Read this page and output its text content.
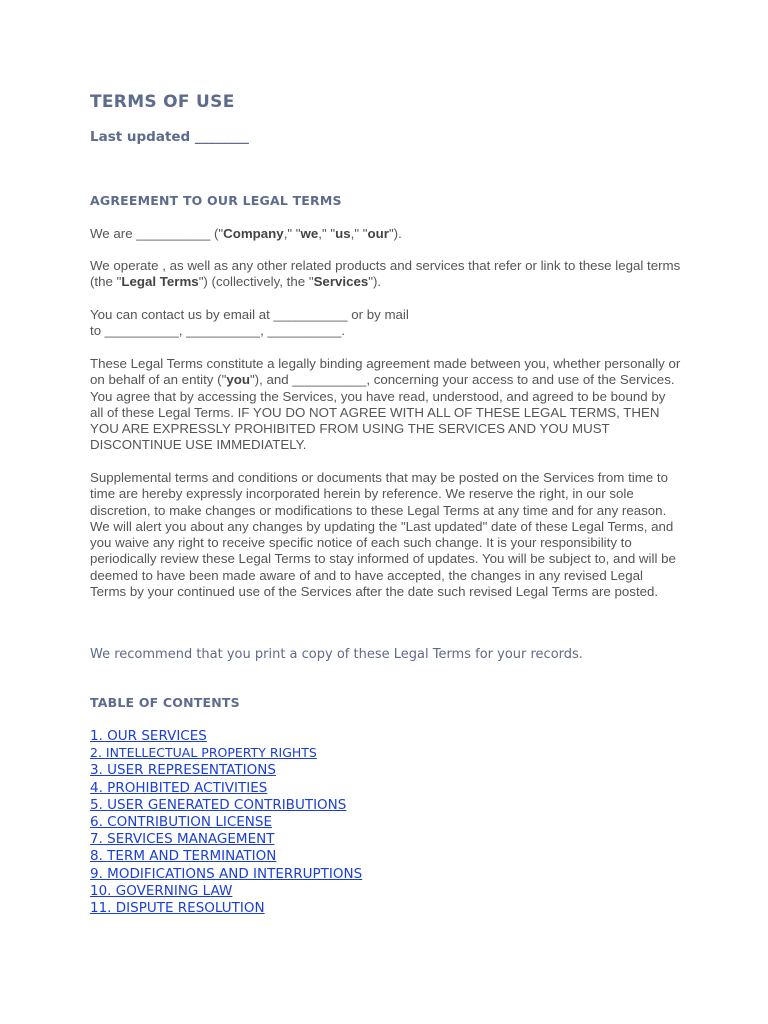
TERMS OF USE
Last updated ________
AGREEMENT TO OUR LEGAL TERMS

We are __________ ("Company," "we," "us," "our").

We operate , as well as any other related products and services that refer or link to these legal terms (the "Legal Terms") (collectively, the "Services").

You can contact us by email at __________ or by mail
to __________, __________, __________.

These Legal Terms constitute a legally binding agreement made between you, whether personally or on behalf of an entity ("you"), and __________, concerning your access to and use of the Services. You agree that by accessing the Services, you have read, understood, and agreed to be bound by all of these Legal Terms. IF YOU DO NOT AGREE WITH ALL OF THESE LEGAL TERMS, THEN YOU ARE EXPRESSLY PROHIBITED FROM USING THE SERVICES AND YOU MUST DISCONTINUE USE IMMEDIATELY.

Supplemental terms and conditions or documents that may be posted on the Services from time to time are hereby expressly incorporated herein by reference. We reserve the right, in our sole discretion, to make changes or modifications to these Legal Terms at any time and for any reason. We will alert you about any changes by updating the "Last updated" date of these Legal Terms, and you waive any right to receive specific notice of each such change. It is your responsibility to periodically review these Legal Terms to stay informed of updates. You will be subject to, and will be deemed to have been made aware of and to have accepted, the changes in any revised Legal Terms by your continued use of the Services after the date such revised Legal Terms are posted.

We recommend that you print a copy of these Legal Terms for your records.
TABLE OF CONTENTS
1. OUR SERVICES
2. INTELLECTUAL PROPERTY RIGHTS
3. USER REPRESENTATIONS
4. PROHIBITED ACTIVITIES
5. USER GENERATED CONTRIBUTIONS
6. CONTRIBUTION LICENSE
7. SERVICES MANAGEMENT
8. TERM AND TERMINATION
9. MODIFICATIONS AND INTERRUPTIONS
10. GOVERNING LAW
11. DISPUTE RESOLUTION
